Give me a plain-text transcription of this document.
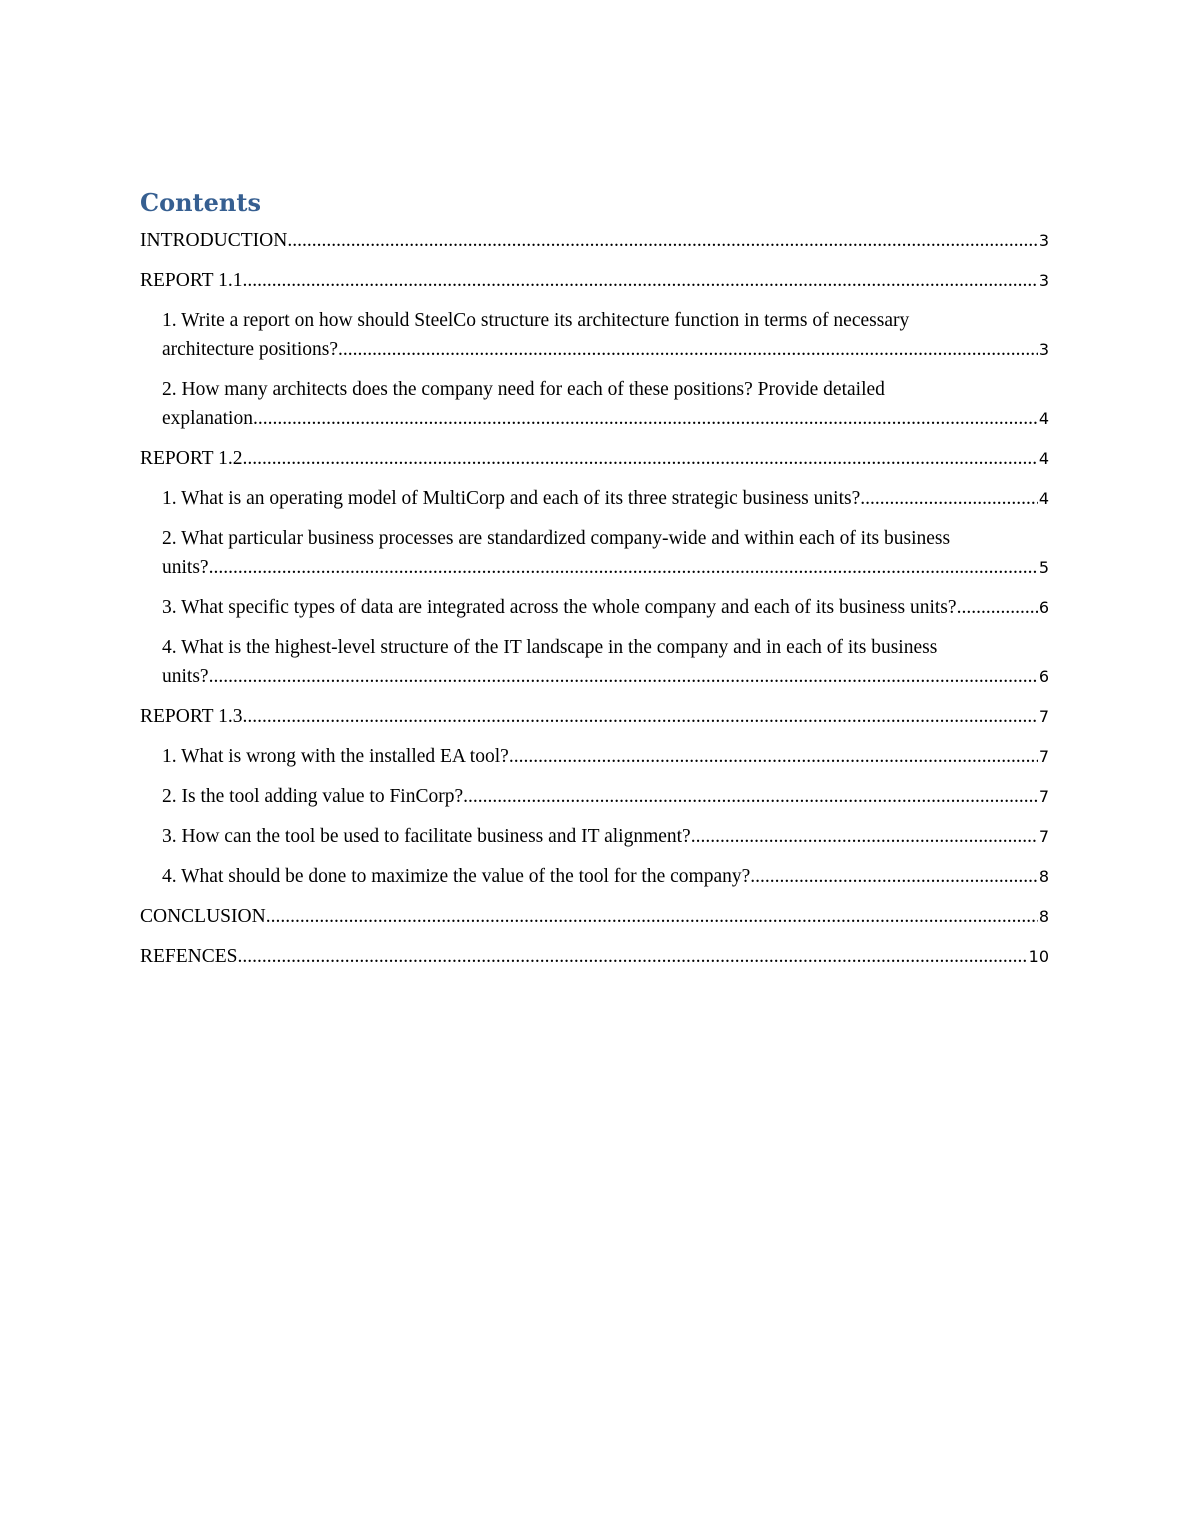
Contents
INTRODUCTION .....	3
REPORT 1.1 .....	3
1. Write a report on how should SteelCo structure its architecture function in terms of necessary
architecture positions? .....	3
2. How many architects does the company need for each of these positions? Provide detailed
explanation. .....	4
REPORT 1.2 .....	4
1. What is an operating model of MultiCorp and each of its three strategic business units? .....	4
2. What particular business processes are standardized company-wide and within each of its business
units? .....	5
3. What specific types of data are integrated across the whole company and each of its business units? .....	6
4. What is the highest-level structure of the IT landscape in the company and in each of its business
units? .....	6
REPORT 1.3 .....	7
1. What is wrong with the installed EA tool? .....	7
2. Is the tool adding value to FinCorp? .....	7
3. How can the tool be used to facilitate business and IT alignment? .....	7
4. What should be done to maximize the value of the tool for the company? .....	8
CONCLUSION .....	8
REFENCES .....	10
